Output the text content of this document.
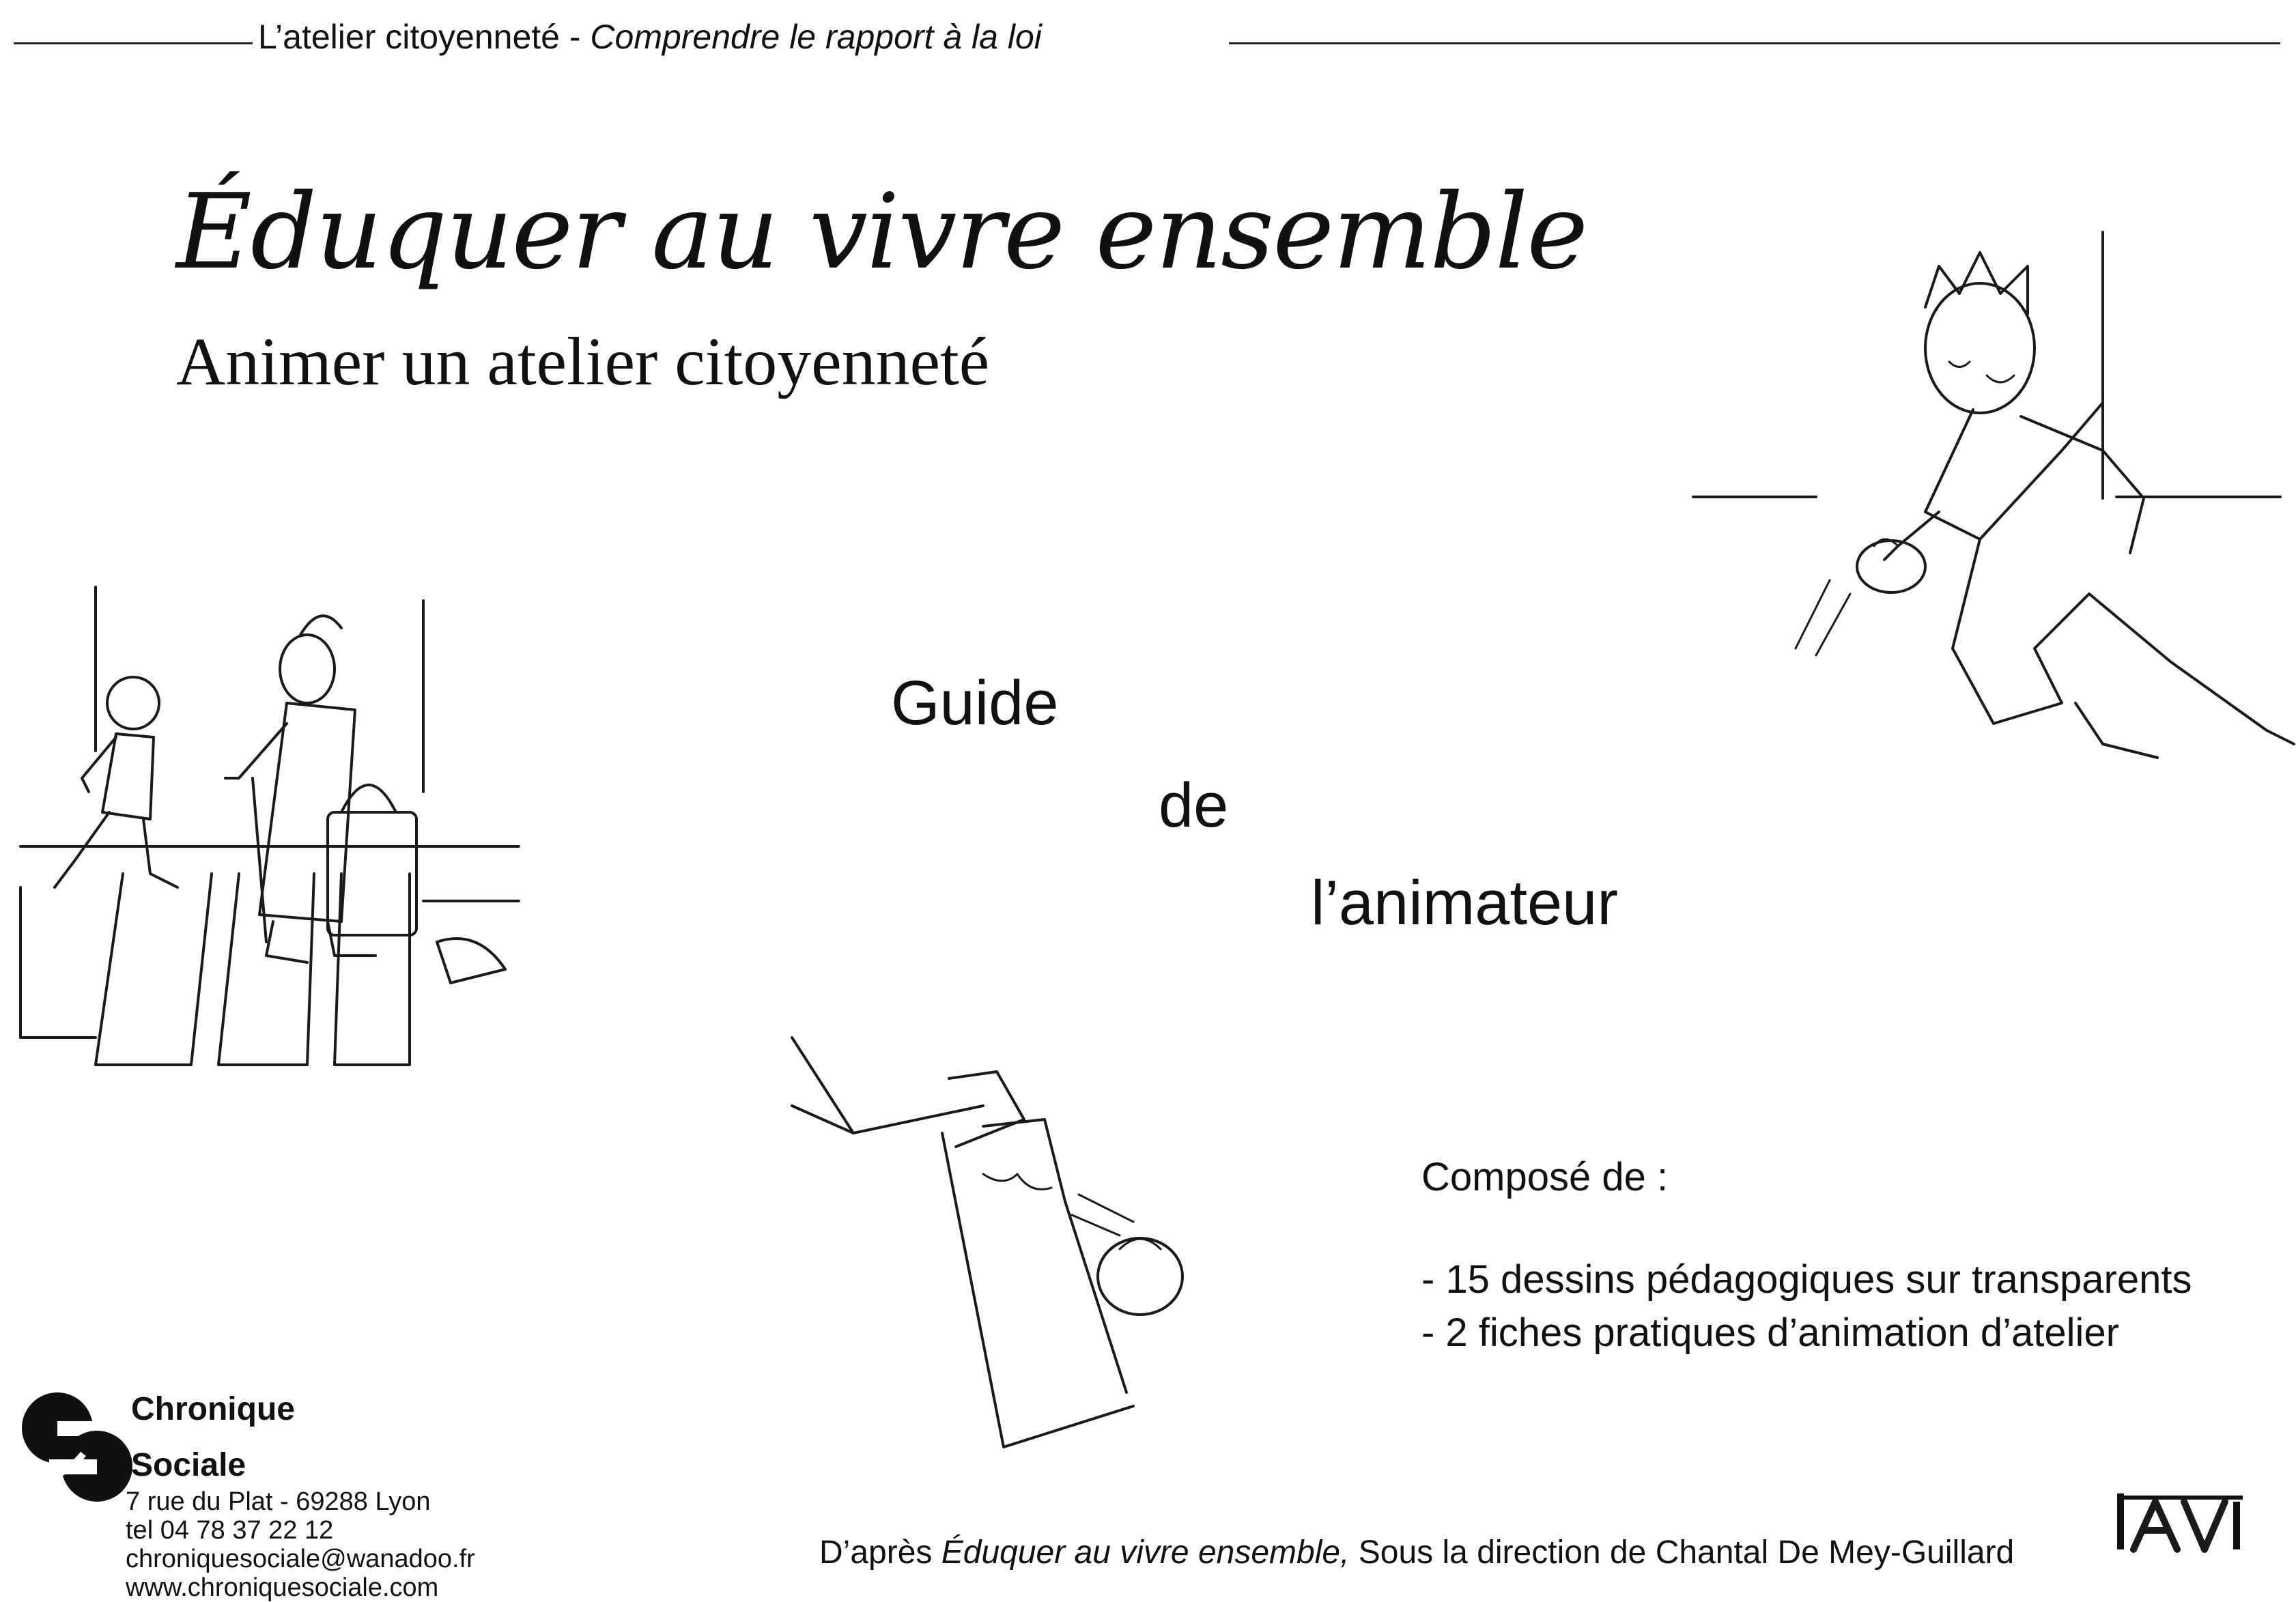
L’atelier citoyenneté - Comprendre le rapport à la loi
Éduquer au vivre ensemble
Animer un atelier citoyenneté
Guide
de
l’animateur
Composé de :
- 15 dessins pédagogiques sur transparents
- 2 fiches pratiques d’animation d’atelier
D’après Éduquer au vivre ensemble, Sous la direction de Chantal De Mey-Guillard
Chronique
Sociale
7 rue du Plat - 69288 Lyon
tel 04 78 37 22 12
chroniquesociale@wanadoo.fr
www.chroniquesociale.com
